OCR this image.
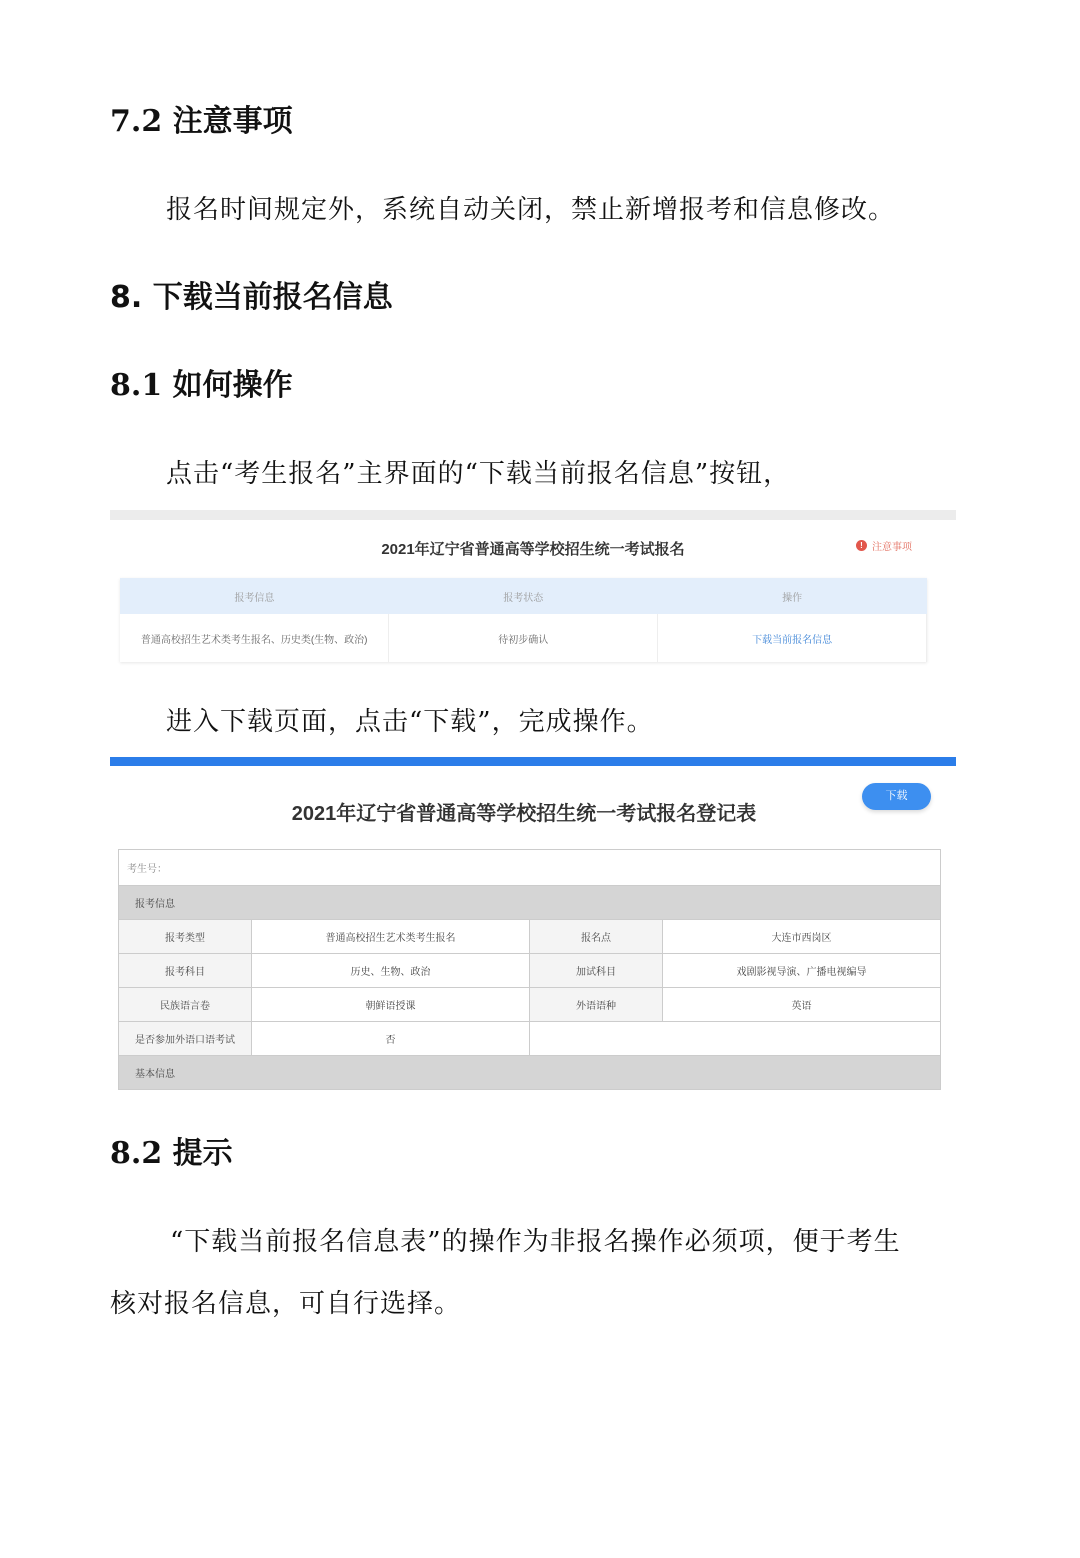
7.2 注意事项
报名时间规定外，系统自动关闭，禁止新增报考和信息修改。
8. 下载当前报名信息
8.1 如何操作
点击“考生报名”主界面的“下载当前报名信息”按钮，
2021年辽宁省普通高等学校招生统一考试报名	! 注意事项
报考信息	报考状态	操作
普通高校招生艺术类考生报名、历史类(生物、政治)	待初步确认	下载当前报名信息
进入下载页面，点击“下载”，完成操作。
2021年辽宁省普通高等学校招生统一考试报名登记表
下载
考生号：			
报考信息			
报考类型	普通高校招生艺术类考生报名	报名点	大连市西岗区
报考科目	历史、生物、政治	加试科目	戏剧影视导演、广播电视编导
民族语言卷	朝鲜语授课	外语语种	英语
是否参加外语口语考试	否		
基本信息			
8.2 提示
“下载当前报名信息表”的操作为非报名操作必须项，便于考生
核对报名信息，可自行选择。
